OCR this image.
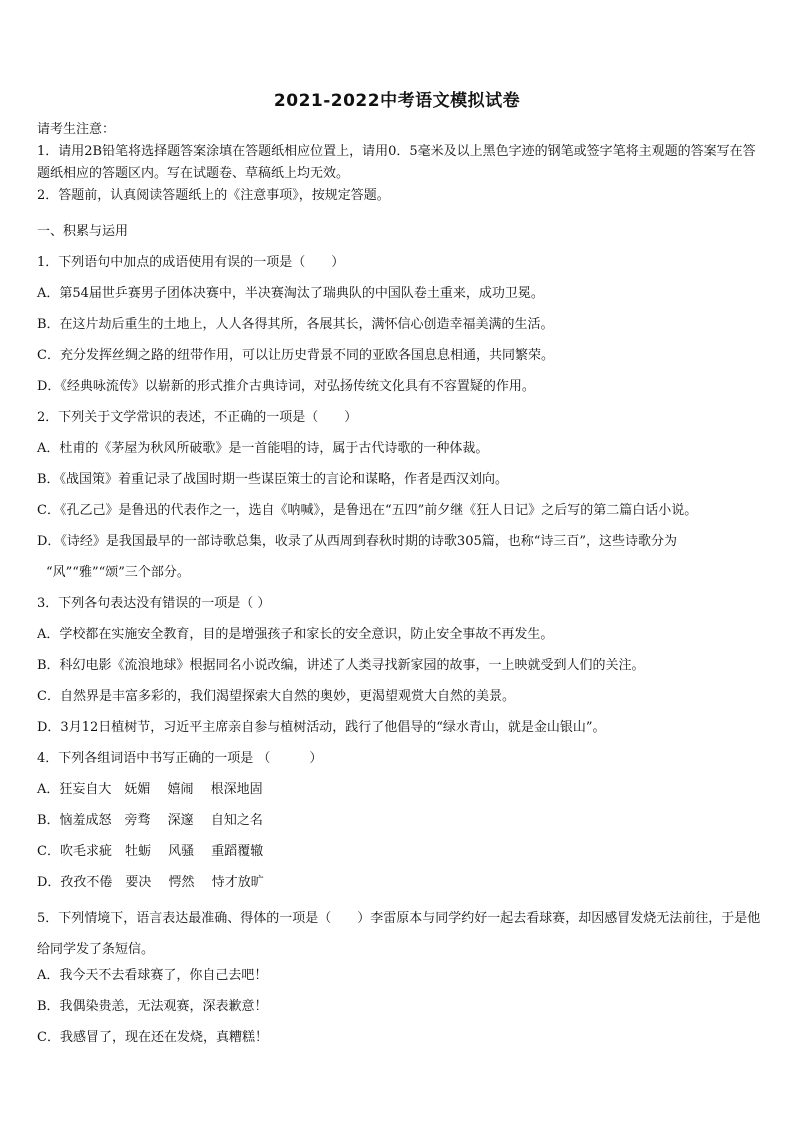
2021-2022中考语文模拟试卷

请考生注意：

1．请用2B铅笔将选择题答案涂填在答题纸相应位置上，请用0．5毫米及以上黑色字迹的钢笔或签字笔将主观题的答案写在答题纸相应的答题区内。写在试题卷、草稿纸上均无效。

2．答题前，认真阅读答题纸上的《注意事项》，按规定答题。

一、积累与运用
1．下列语句中加点的成语使用有误的一项是（　　）
A．第54届世乒赛男子团体决赛中，半决赛淘汰了瑞典队的中国队卷土重来，成功卫冕。
B．在这片劫后重生的土地上，人人各得其所，各展其长，满怀信心创造幸福美满的生活。
C．充分发挥丝绸之路的纽带作用，可以让历史背景不同的亚欧各国息息相通，共同繁荣。
D．《经典咏流传》以崭新的形式推介古典诗词，对弘扬传统文化具有不容置疑的作用。
2．下列关于文学常识的表述，不正确的一项是（　　）
A．杜甫的《茅屋为秋风所破歌》是一首能唱的诗，属于古代诗歌的一种体裁。
B．《战国策》着重记录了战国时期一些谋臣策士的言论和谋略，作者是西汉刘向。
C．《孔乙己》是鲁迅的代表作之一，选自《呐喊》，是鲁迅在“五四”前夕继《狂人日记》之后写的第二篇白话小说。
D．《诗经》是我国最早的一部诗歌总集，收录了从西周到春秋时期的诗歌305篇，也称“诗三百”，这些诗歌分为
“风”“雅”“颂”三个部分。
3．下列各句表达没有错误的一项是（ ）
A．学校都在实施安全教育，目的是增强孩子和家长的安全意识，防止安全事故不再发生。
B．科幻电影《流浪地球》根据同名小说改编，讲述了人类寻找新家园的故事，一上映就受到人们的关注。
C．自然界是丰富多彩的，我们渴望探索大自然的奥妙，更渴望观赏大自然的美景。
D．3月12日植树节，习近平主席亲自参与植树活动，践行了他倡导的“绿水青山，就是金山银山”。
4．下列各组词语中书写正确的一项是 （　　　）
A．狂妄自大　妩媚　 嬉闹　 根深地固
B．恼羞成怒　旁骛　 深邃　 自知之名
C．吹毛求疵　牡蛎　 风骚　 重蹈覆辙
D．孜孜不倦　要决　 愕然　 恃才放旷
5．下列情境下，语言表达最准确、得体的一项是（　　）李雷原本与同学约好一起去看球赛，却因感冒发烧无法前往，于是他给同学发了条短信。
A．我今天不去看球赛了，你自己去吧！
B．我偶染贵恙，无法观赛，深表歉意！
C．我感冒了，现在还在发烧，真糟糕！
